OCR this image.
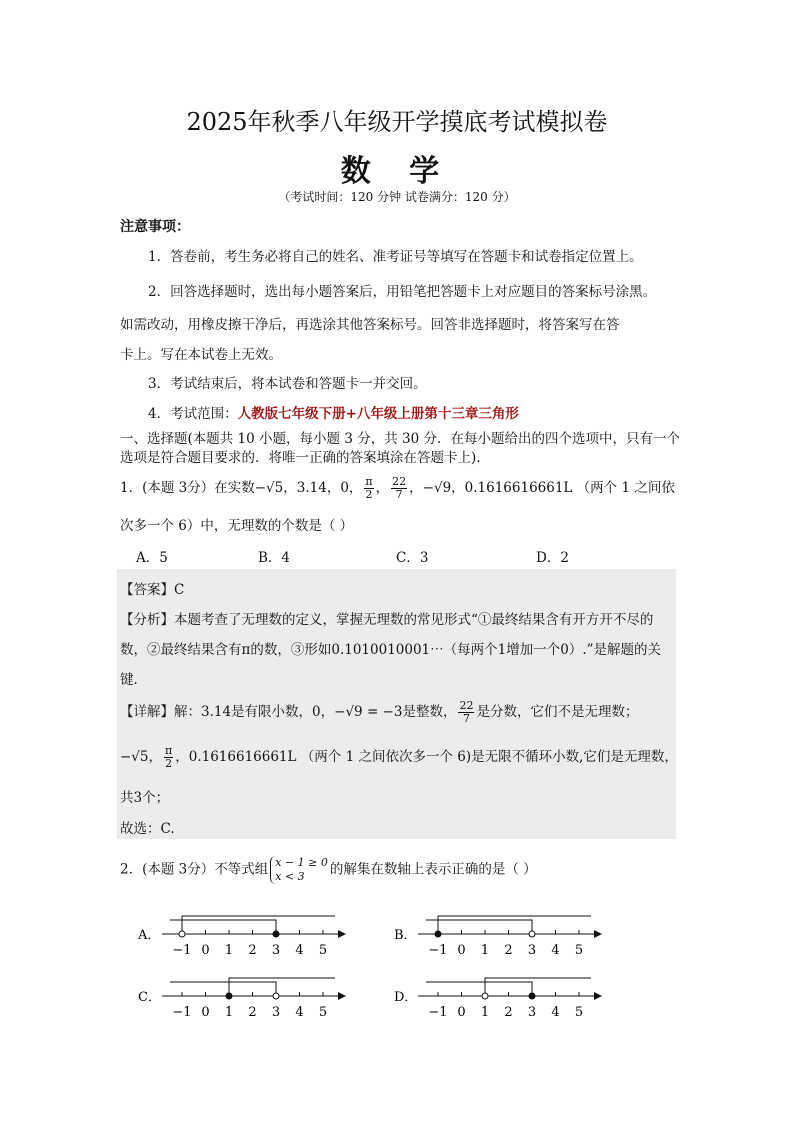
2025年秋季八年级开学摸底考试模拟卷
数 学
（考试时间：120 分钟 试卷满分：120 分）
注意事项：
1．答卷前，考生务必将自己的姓名、准考证号等填写在答题卡和试卷指定位置上。
2．回答选择题时，选出每小题答案后，用铅笔把答题卡上对应题目的答案标号涂黑。
如需改动，用橡皮擦干净后，再选涂其他答案标号。回答非选择题时，将答案写在答
卡上。写在本试卷上无效。
3．考试结束后，将本试卷和答题卡一并交回。
4．考试范围：人教版七年级下册+八年级上册第十三章三角形
一、选择题(本题共 10 小题，每小题 3 分，共 30 分．在每小题给出的四个选项中，只有一个选项是符合题目要求的．将唯一正确的答案填涂在答题卡上).
1．(本题 3分）在实数−√5，3.14，0， $\frac{\pi}{2}$ ， $\frac{22}{7}$ ，−√9，0.1616616661L （两个 1 之间依
次多一个 6）中，无理数的个数是（ ）
A．5	B．4	C．3	D．2
【答案】C
【分析】本题考查了无理数的定义，掌握无理数的常见形式“①最终结果含有开方开不尽的
数，②最终结果含有π的数，③形如0.1010010001⋯（每两个1增加一个0）.”是解题的关
键.
【详解】解：3.14是有限小数，0，−√9 = −3是整数， $\frac{22}{7}$ 是分数，它们不是无理数；
−√5， $\frac{\pi}{2}$ ，0.1616616661L （两个 1 之间依次多一个 6)是无限不循环小数,它们是无理数，
共3个；
故选：C.
2．(本题 3分）不等式组 x − 1 ≥ 0
x < 3	的解集在数轴上表示正确的是（ ）
A．
−1 0 1 2 3 4 5
B．
−1 0 1 2 3 4 5
C．
−1 0 1 2 3 4 5
D．
−1 0 1 2 3 4 5
